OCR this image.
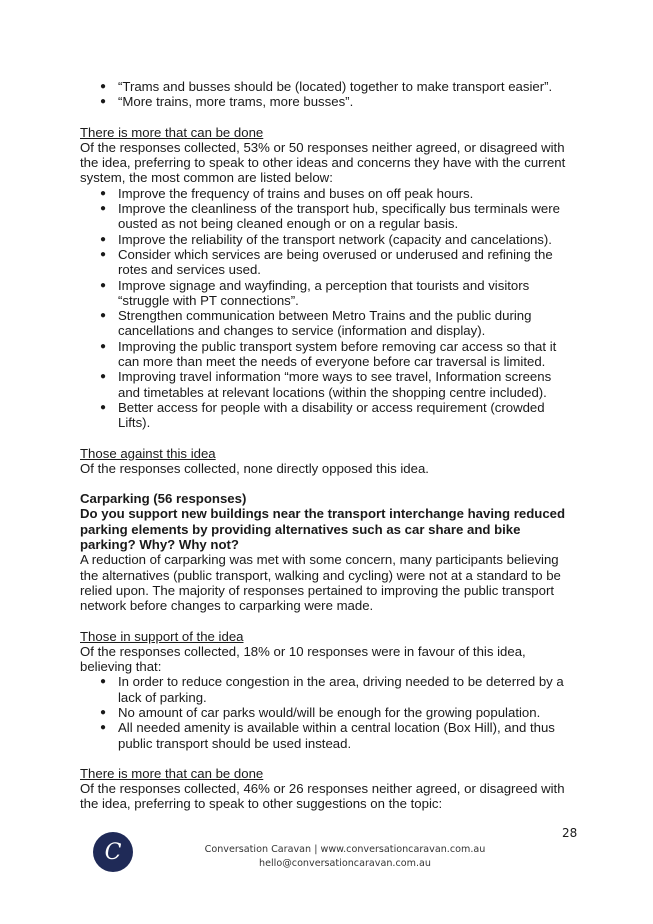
● “Trams and busses should be (located) together to make transport easier”.
● “More trains, more trams, more busses”.

There is more that can be done

Of the responses collected, 53% or 50 responses neither agreed, or disagreed with the idea, preferring to speak to other ideas and concerns they have with the current system, the most common are listed below:

● Improve the frequency of trains and buses on off peak hours.
● Improve the cleanliness of the transport hub, specifically bus terminals were ousted as not being cleaned enough or on a regular basis.
● Improve the reliability of the transport network (capacity and cancelations).
● Consider which services are being overused or underused and refining the rotes and services used.
● Improve signage and wayfinding, a perception that tourists and visitors “struggle with PT connections”.
● Strengthen communication between Metro Trains and the public during cancellations and changes to service (information and display).
● Improving the public transport system before removing car access so that it can more than meet the needs of everyone before car traversal is limited.
● Improving travel information “more ways to see travel, Information screens and timetables at relevant locations (within the shopping centre included).
● Better access for people with a disability or access requirement (crowded Lifts).

Those against this idea

Of the responses collected, none directly opposed this idea.

Carparking (56 responses)

Do you support new buildings near the transport interchange having reduced parking elements by providing alternatives such as car share and bike parking? Why? Why not?

A reduction of carparking was met with some concern, many participants believing the alternatives (public transport, walking and cycling) were not at a standard to be relied upon. The majority of responses pertained to improving the public transport network before changes to carparking were made.

Those in support of the idea

Of the responses collected, 18% or 10 responses were in favour of this idea, believing that:

● In order to reduce congestion in the area, driving needed to be deterred by a lack of parking.
● No amount of car parks would/will be enough for the growing population.
● All needed amenity is available within a central location (Box Hill), and thus public transport should be used instead.

There is more that can be done

Of the responses collected, 46% or 26 responses neither agreed, or disagreed with the idea, preferring to speak to other suggestions on the topic:

28
C	Conversation Caravan | www.conversationcaravan.com.au
hello@conversationcaravan.com.au
